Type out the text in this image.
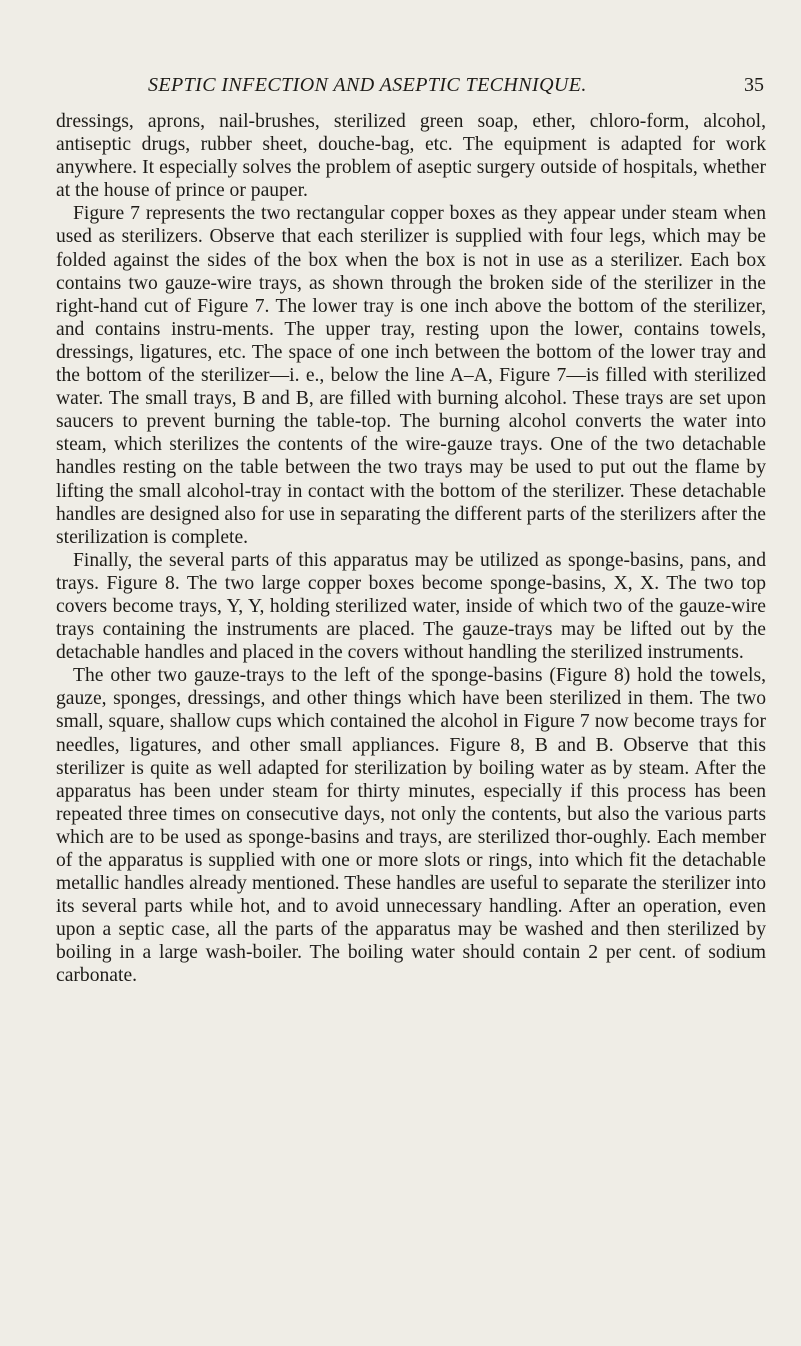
SEPTIC INFECTION AND ASEPTIC TECHNIQUE.	35

dressings, aprons, nail-brushes, sterilized green soap, ether, chloro-form, alcohol, antiseptic drugs, rubber sheet, douche-bag, etc. The equipment is adapted for work anywhere. It especially solves the problem of aseptic surgery outside of hospitals, whether at the house of prince or pauper.

Figure 7 represents the two rectangular copper boxes as they appear under steam when used as sterilizers. Observe that each sterilizer is supplied with four legs, which may be folded against the sides of the box when the box is not in use as a sterilizer. Each box contains two gauze-wire trays, as shown through the broken side of the sterilizer in the right-hand cut of Figure 7. The lower tray is one inch above the bottom of the sterilizer, and contains instru-ments. The upper tray, resting upon the lower, contains towels, dressings, ligatures, etc. The space of one inch between the bottom of the lower tray and the bottom of the sterilizer—i. e., below the line A–A, Figure 7—is filled with sterilized water. The small trays, B and B, are filled with burning alcohol. These trays are set upon saucers to prevent burning the table-top. The burning alcohol converts the water into steam, which sterilizes the contents of the wire-gauze trays. One of the two detachable handles resting on the table between the two trays may be used to put out the flame by lifting the small alcohol-tray in contact with the bottom of the sterilizer. These detachable handles are designed also for use in separating the different parts of the sterilizers after the sterilization is complete.

Finally, the several parts of this apparatus may be utilized as sponge-basins, pans, and trays. Figure 8. The two large copper boxes become sponge-basins, X, X. The two top covers become trays, Y, Y, holding sterilized water, inside of which two of the gauze-wire trays containing the instruments are placed. The gauze-trays may be lifted out by the detachable handles and placed in the covers without handling the sterilized instruments.

The other two gauze-trays to the left of the sponge-basins (Figure 8) hold the towels, gauze, sponges, dressings, and other things which have been sterilized in them. The two small, square, shallow cups which contained the alcohol in Figure 7 now become trays for needles, ligatures, and other small appliances. Figure 8, B and B. Observe that this sterilizer is quite as well adapted for sterilization by boiling water as by steam. After the apparatus has been under steam for thirty minutes, especially if this process has been repeated three times on consecutive days, not only the contents, but also the various parts which are to be used as sponge-basins and trays, are sterilized thor-oughly. Each member of the apparatus is supplied with one or more slots or rings, into which fit the detachable metallic handles already mentioned. These handles are useful to separate the sterilizer into its several parts while hot, and to avoid unnecessary handling. After an operation, even upon a septic case, all the parts of the apparatus may be washed and then sterilized by boiling in a large wash-boiler. The boiling water should contain 2 per cent. of sodium carbonate.
